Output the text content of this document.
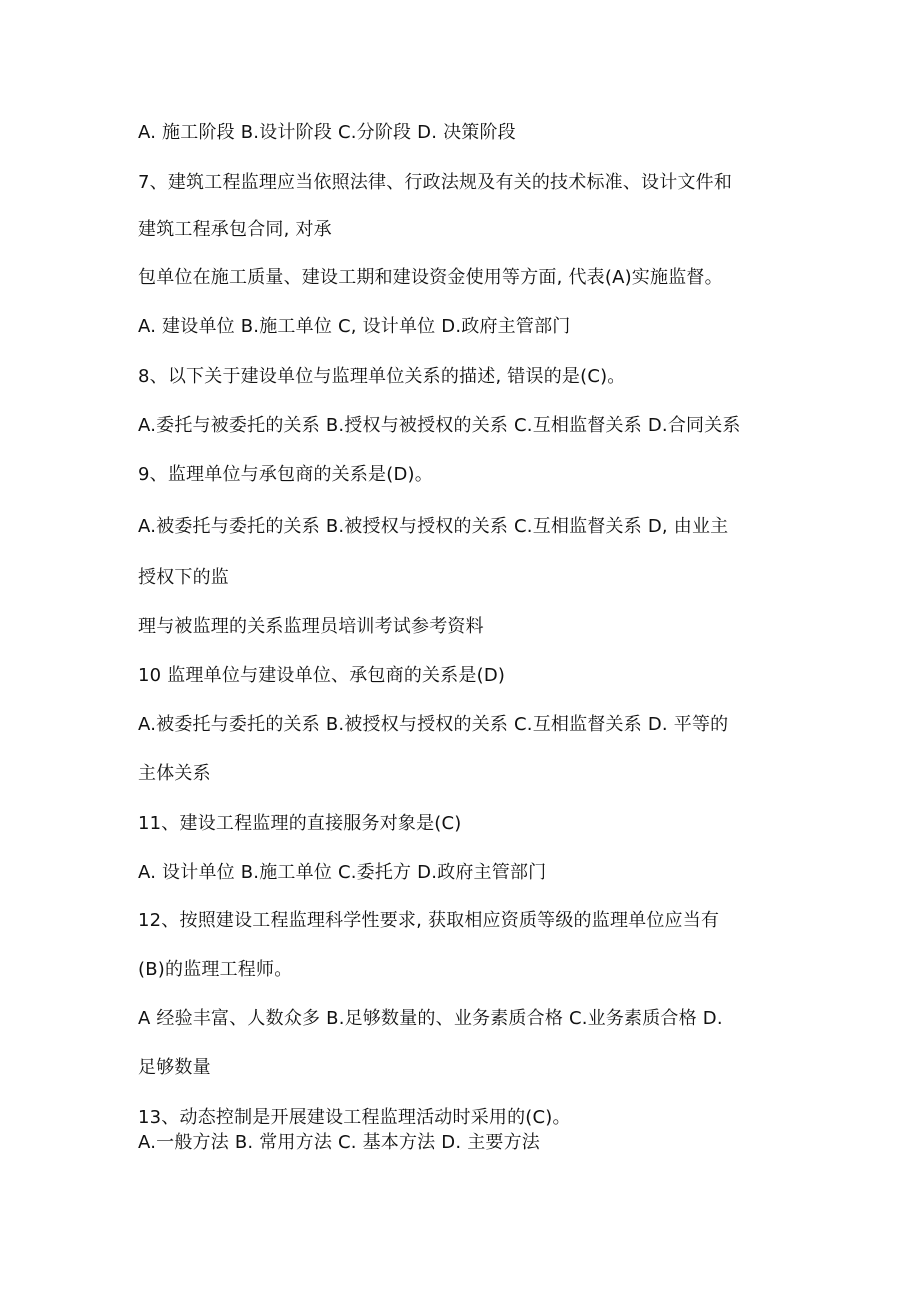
A. 施工阶段 B.设计阶段 C.分阶段 D. 决策阶段

7、建筑工程监理应当依照法律、行政法规及有关的技术标准、设计文件和

建筑工程承包合同, 对承

包单位在施工质量、建设工期和建设资金使用等方面, 代表(A)实施监督。

A. 建设单位 B.施工单位 C, 设计单位 D.政府主管部门

8、以下关于建设单位与监理单位关系的描述, 错误的是(C)。

A.委托与被委托的关系 B.授权与被授权的关系 C.互相监督关系 D.合同关系

9、监理单位与承包商的关系是(D)。

A.被委托与委托的关系 B.被授权与授权的关系 C.互相监督关系 D, 由业主

授权下的监

理与被监理的关系监理员培训考试参考资料

10 监理单位与建设单位、承包商的关系是(D)

A.被委托与委托的关系 B.被授权与授权的关系 C.互相监督关系 D. 平等的

主体关系

11、建设工程监理的直接服务对象是(C)

A. 设计单位 B.施工单位 C.委托方 D.政府主管部门

12、按照建设工程监理科学性要求, 获取相应资质等级的监理单位应当有

(B)的监理工程师。

A 经验丰富、人数众多 B.足够数量的、业务素质合格 C.业务素质合格 D.

足够数量

13、动态控制是开展建设工程监理活动时采用的(C)。

A.一般方法 B. 常用方法 C. 基本方法 D. 主要方法
